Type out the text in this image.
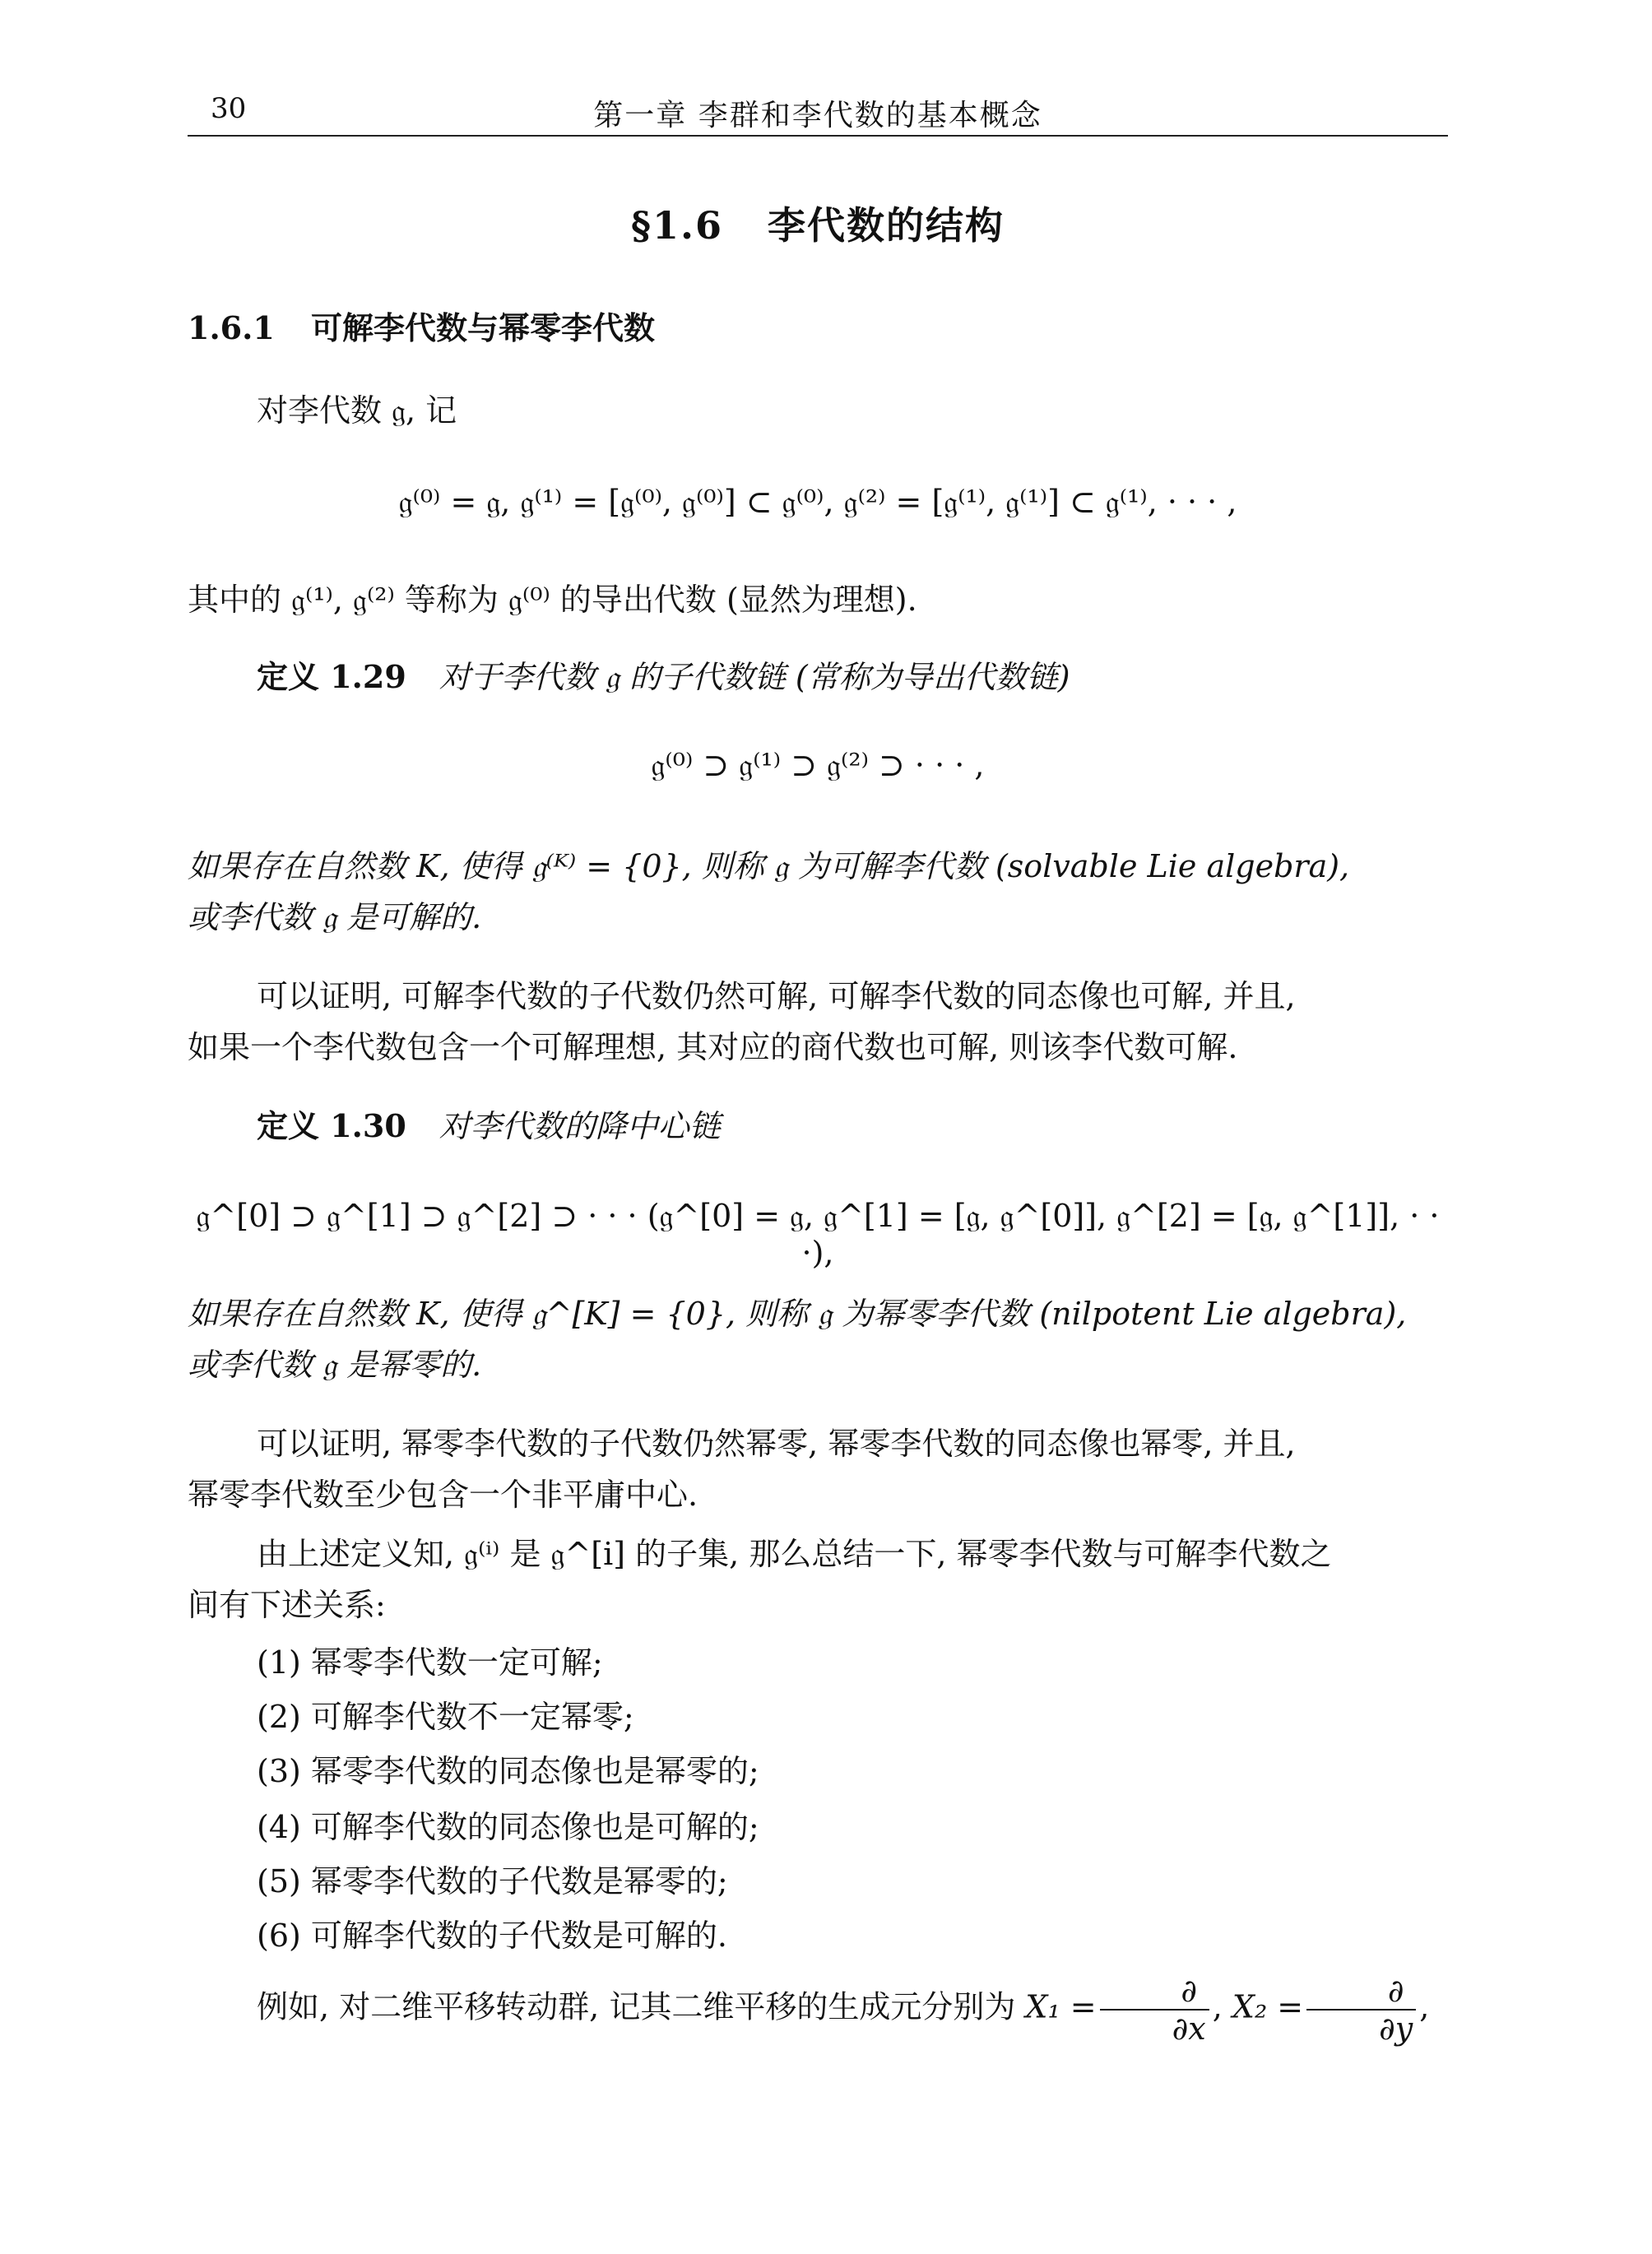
30	第一章 李群和李代数的基本概念
§1.6 李代数的结构
1.6.1 可解李代数与幂零李代数
对李代数 𝔤, 记
𝔤⁽⁰⁾ = 𝔤, 𝔤⁽¹⁾ = [𝔤⁽⁰⁾, 𝔤⁽⁰⁾] ⊂ 𝔤⁽⁰⁾, 𝔤⁽²⁾ = [𝔤⁽¹⁾, 𝔤⁽¹⁾] ⊂ 𝔤⁽¹⁾, · · · ,
其中的 𝔤⁽¹⁾, 𝔤⁽²⁾ 等称为 𝔤⁽⁰⁾ 的导出代数 (显然为理想).
定义 1.29 对于李代数 𝔤 的子代数链 (常称为导出代数链)
𝔤⁽⁰⁾ ⊃ 𝔤⁽¹⁾ ⊃ 𝔤⁽²⁾ ⊃ · · · ,
如果存在自然数 K, 使得 𝔤⁽ᴷ⁾ = {0}, 则称 𝔤 为可解李代数 (solvable Lie algebra),
或李代数 𝔤 是可解的.
可以证明, 可解李代数的子代数仍然可解, 可解李代数的同态像也可解, 并且,
如果一个李代数包含一个可解理想, 其对应的商代数也可解, 则该李代数可解.
定义 1.30 对李代数的降中心链
𝔤^[0] ⊃ 𝔤^[1] ⊃ 𝔤^[2] ⊃ · · · (𝔤^[0] = 𝔤, 𝔤^[1] = [𝔤, 𝔤^[0]], 𝔤^[2] = [𝔤, 𝔤^[1]], · · ·),
如果存在自然数 K, 使得 𝔤^[K] = {0}, 则称 𝔤 为幂零李代数 (nilpotent Lie algebra),
或李代数 𝔤 是幂零的.
可以证明, 幂零李代数的子代数仍然幂零, 幂零李代数的同态像也幂零, 并且,
幂零李代数至少包含一个非平庸中心.
由上述定义知, 𝔤⁽ⁱ⁾ 是 𝔤^[i] 的子集, 那么总结一下, 幂零李代数与可解李代数之
间有下述关系:
(1) 幂零李代数一定可解;
(2) 可解李代数不一定幂零;
(3) 幂零李代数的同态像也是幂零的;
(4) 可解李代数的同态像也是可解的;
(5) 幂零李代数的子代数是幂零的;
(6) 可解李代数的子代数是可解的.
例如, 对二维平移转动群, 记其二维平移的生成元分别为 $X_1 = \frac{\partial}{\partial x}$ , $X_2 = \frac{\partial}{\partial y}$ ,
